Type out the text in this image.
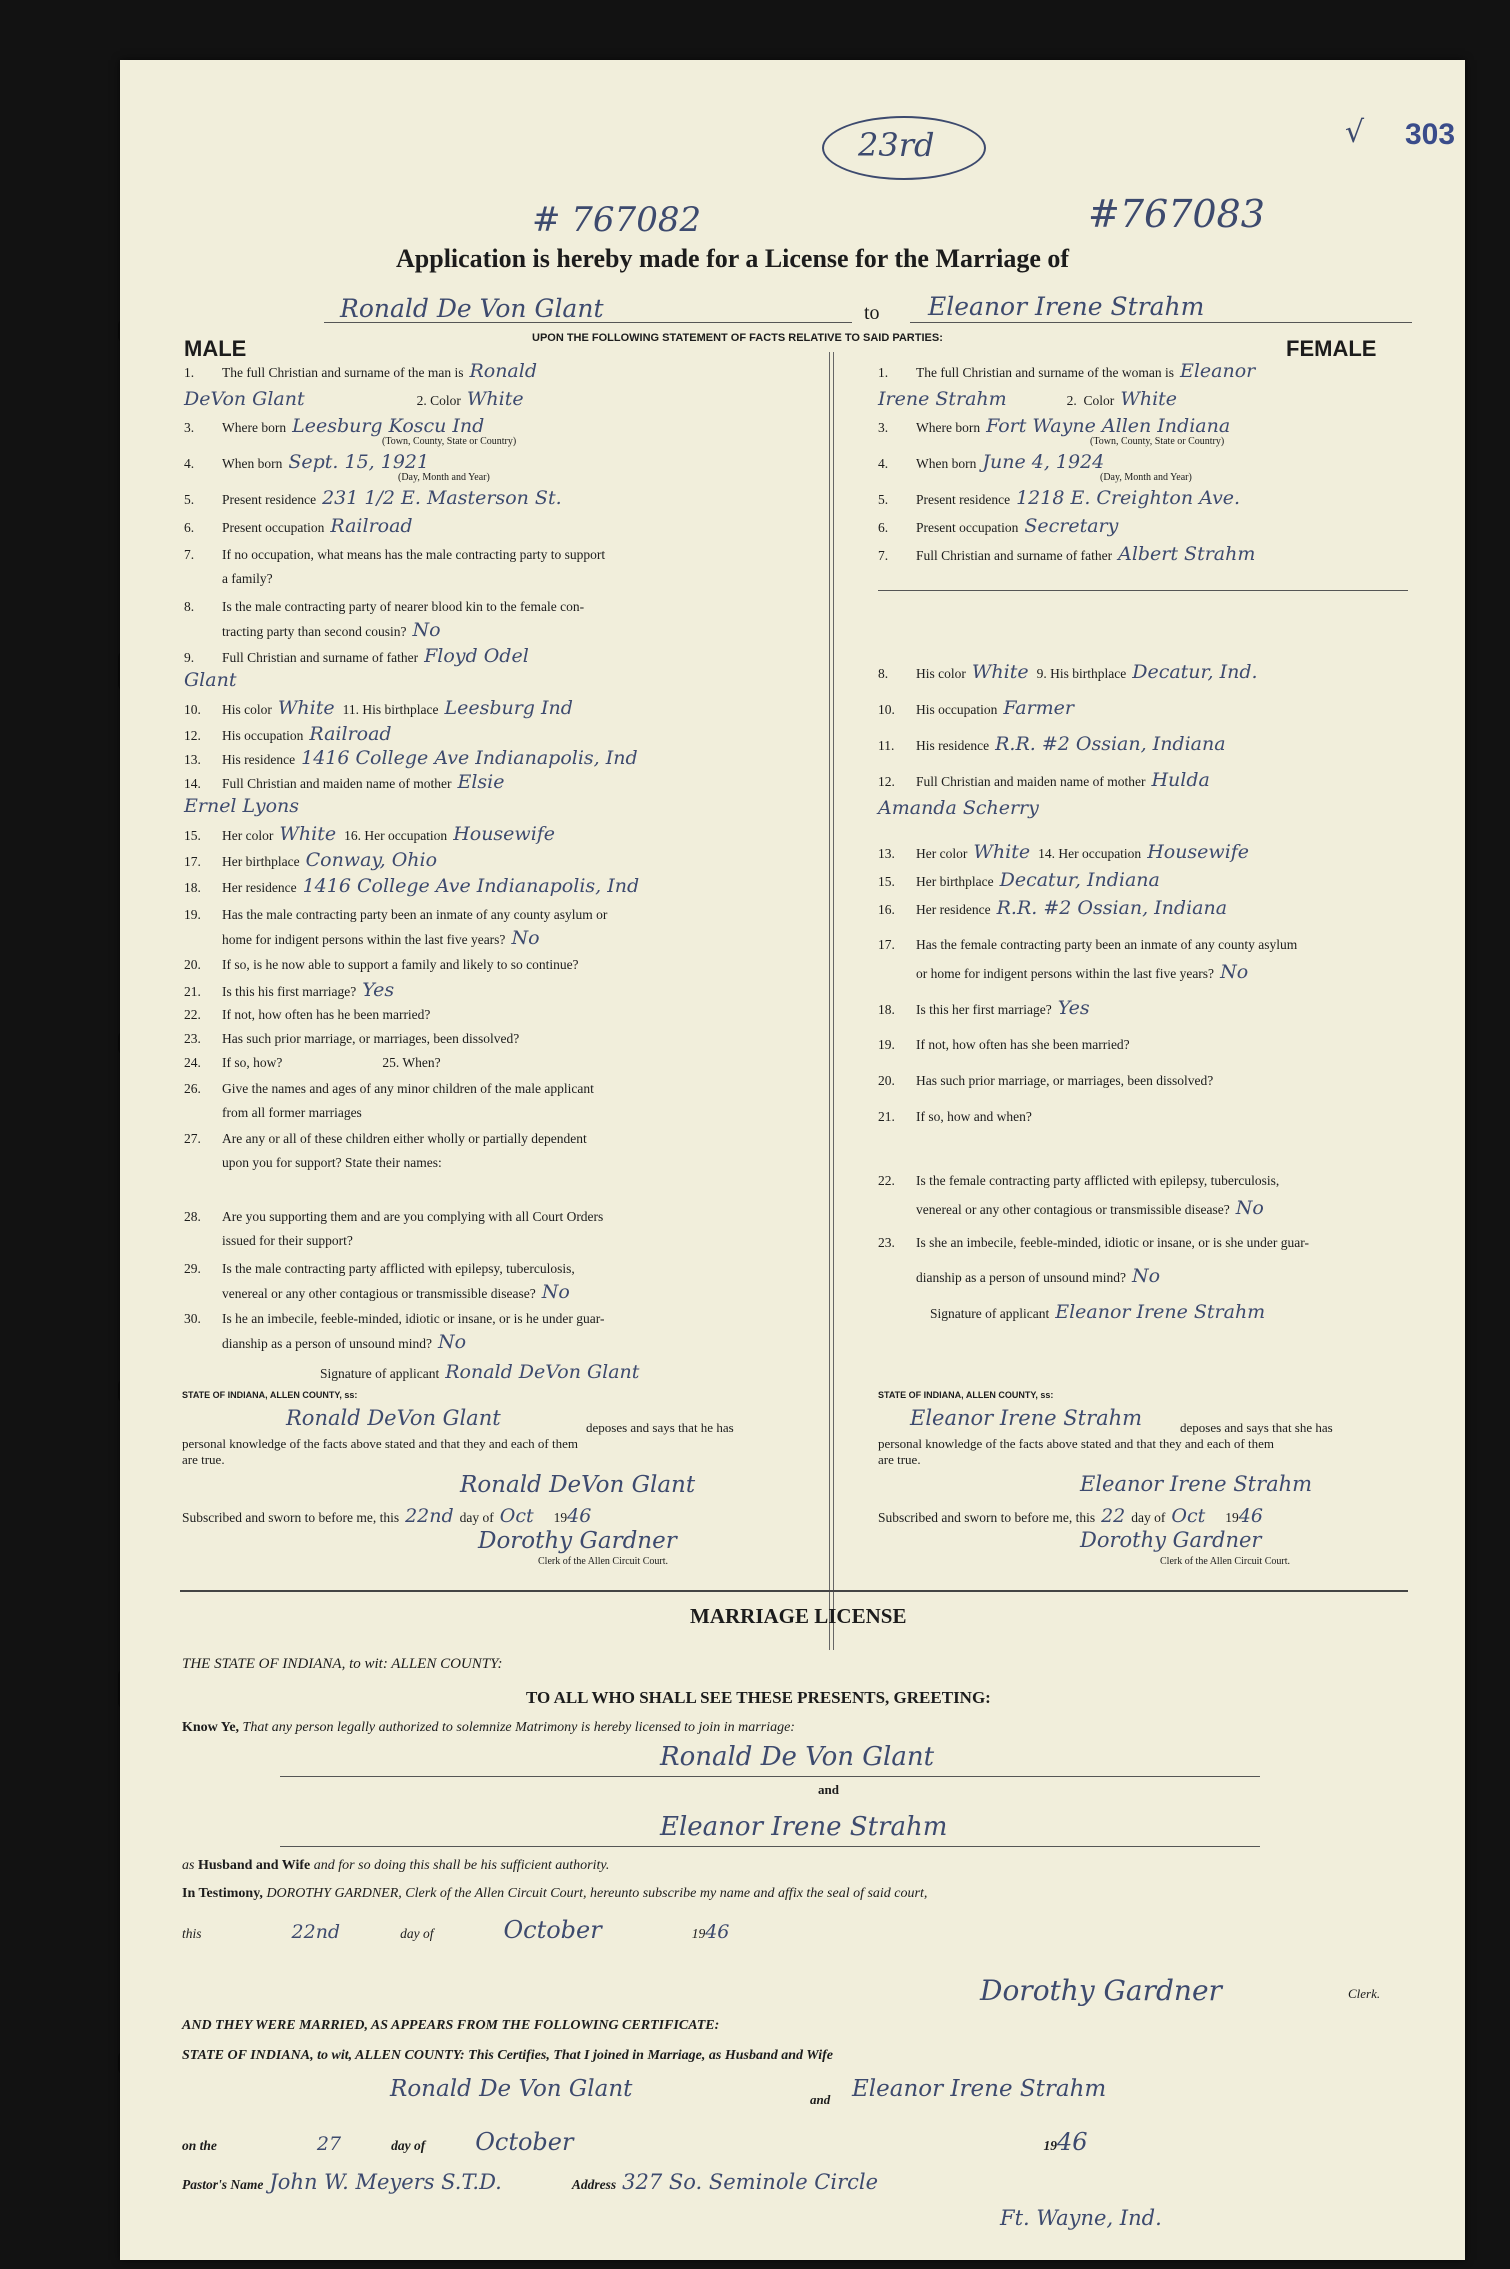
303
√
23rd
# 767082	#767083
Application is hereby made for a License for the Marriage of
Ronald De Von Glant	to Eleanor Irene Strahm
MALE	UPON THE FOLLOWING STATEMENT OF FACTS RELATIVE TO SAID PARTIES:	FEMALE
1. The full Christian and surname of the man is Ronald
DeVon Glant	2. Color White
3. Where born Leesburg Koscu Ind
(Town, County, State or Country)
4. When born Sept. 15, 1921
(Day, Month and Year)
5. Present residence 231 1/2 E. Masterson St.
6. Present occupation Railroad
7. If no occupation, what means has the male contracting party to support
a family?
8. Is the male contracting party of nearer blood kin to the female con-
tracting party than second cousin? No
9. Full Christian and surname of father Floyd Odel
Glant
10. His color White 11. His birthplace Leesburg Ind
12. His occupation Railroad
13. His residence 1416 College Ave Indianapolis, Ind
14. Full Christian and maiden name of mother Elsie
Ernel Lyons
15. Her color White 16. Her occupation Housewife
17. Her birthplace Conway, Ohio
18. Her residence 1416 College Ave Indianapolis, Ind
19. Has the male contracting party been an inmate of any county asylum or
home for indigent persons within the last five years? No
20. If so, is he now able to support a family and likely to so continue?
21. Is this his first marriage? Yes
22. If not, how often has he been married?
23. Has such prior marriage, or marriages, been dissolved?
24. If so, how?	25. When?
26. Give the names and ages of any minor children of the male applicant
from all former marriages
27. Are any or all of these children either wholly or partially dependent
upon you for support? State their names:
28. Are you supporting them and are you complying with all Court Orders
issued for their support?
29. Is the male contracting party afflicted with epilepsy, tuberculosis,
venereal or any other contagious or transmissible disease? No
30. Is he an imbecile, feeble-minded, idiotic or insane, or is he under guar-
dianship as a person of unsound mind? No
Signature of applicant Ronald DeVon Glant
1. The full Christian and surname of the woman is Eleanor
Irene Strahm	2.  Color White
3. Where born Fort Wayne Allen Indiana
(Town, County, State or Country)
4. When born June 4, 1924
(Day, Month and Year)
5. Present residence 1218 E. Creighton Ave.
6. Present occupation Secretary
7. Full Christian and surname of father Albert Strahm
8. His color White 9. His birthplace Decatur, Ind.
10. His occupation Farmer
11. His residence R.R. #2 Ossian, Indiana
12. Full Christian and maiden name of mother Hulda
Amanda Scherry
13. Her color White 14. Her occupation Housewife
15. Her birthplace Decatur, Indiana
16. Her residence R.R. #2 Ossian, Indiana
17. Has the female contracting party been an inmate of any county asylum
or home for indigent persons within the last five years? No
18. Is this her first marriage? Yes
19. If not, how often has she been married?
20. Has such prior marriage, or marriages, been dissolved?
21. If so, how and when?
22. Is the female contracting party afflicted with epilepsy, tuberculosis,
venereal or any other contagious or transmissible disease? No
23. Is she an imbecile, feeble-minded, idiotic or insane, or is she under guar-
dianship as a person of unsound mind? No
Signature of applicant Eleanor Irene Strahm
STATE OF INDIANA, ALLEN COUNTY, ss:
Ronald DeVon Glant	deposes and says that he has
personal knowledge of the facts above stated and that they and each of them
are true.
Ronald DeVon Glant
Subscribed and sworn to before me, this 22nd day of Oct 1946
Dorothy Gardner
Clerk of the Allen Circuit Court.
STATE OF INDIANA, ALLEN COUNTY, ss:
Eleanor Irene Strahm	deposes and says that she has
personal knowledge of the facts above stated and that they and each of them
are true.
Eleanor Irene Strahm
Subscribed and sworn to before me, this 22 day of Oct 1946
Dorothy Gardner
Clerk of the Allen Circuit Court.
MARRIAGE LICENSE
THE STATE OF INDIANA, to wit: ALLEN COUNTY:
TO ALL WHO SHALL SEE THESE PRESENTS, GREETING:
Know Ye, That any person legally authorized to solemnize Matrimony is hereby licensed to join in marriage:
Ronald De Von Glant
and
Eleanor Irene Strahm
as Husband and Wife and for so doing this shall be his sufficient authority.
In Testimony, DOROTHY GARDNER, Clerk of the Allen Circuit Court, hereunto subscribe my name and affix the seal of said court,
this	22nd	day of	October	1946
Dorothy Gardner	Clerk.
AND THEY WERE MARRIED, AS APPEARS FROM THE FOLLOWING CERTIFICATE:
STATE OF INDIANA, to wit, ALLEN COUNTY: This Certifies, That I joined in Marriage, as Husband and Wife
Ronald De Von Glant	and Eleanor Irene Strahm
on the	27	day of October	1946
Pastor's Name John W. Meyers S.T.D.	Address 327 So. Seminole Circle
Ft. Wayne, Ind.
